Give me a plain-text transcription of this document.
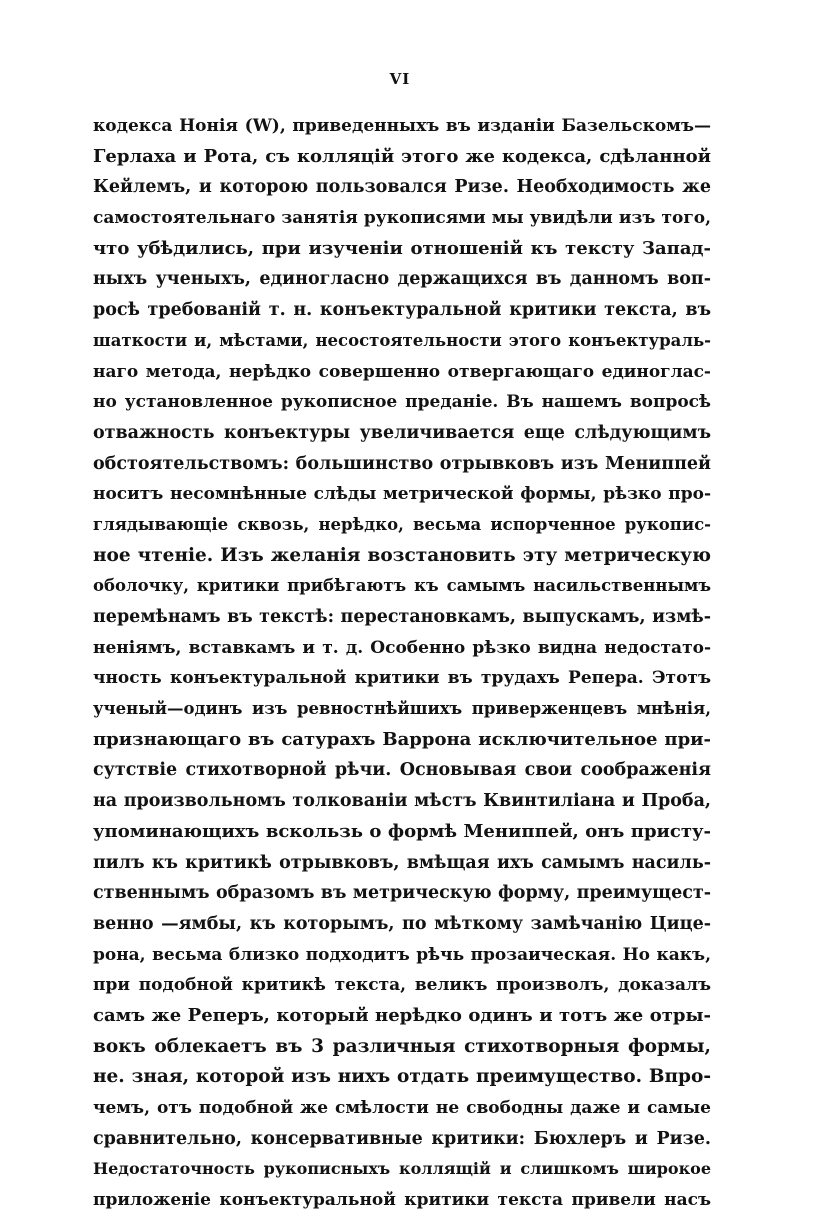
VI
кодекса Нонія (W), приведенныхъ въ изданіи Базельскомъ—
Герлаха и Рота, съ колляцій этого же кодекса, сдѣланной
Кейлемъ, и которою пользовался Ризе. Необходимость же
самостоятельнаго занятія рукописями мы увидѣли изъ того,
что убѣдились, при изученіи отношеній къ тексту Запад-
ныхъ ученыхъ, единогласно держащихся въ данномъ воп-
росѣ требованій т. н. конъектуральной критики текста, въ
шаткости и, мѣстами, несостоятельности этого конъектураль-
наго метода, нерѣдко совершенно отвергающаго единоглас-
но установленное рукописное преданіе. Въ нашемъ вопросѣ
отважность конъектуры увеличивается еще слѣдующимъ
обстоятельствомъ: большинство отрывковъ изъ Мениппей
носитъ несомнѣнные слѣды метрической формы, рѣзко про-
глядывающіе сквозь, нерѣдко, весьма испорченное рукопис-
ное чтеніе. Изъ желанія возстановить эту метрическую
оболочку, критики прибѣгаютъ къ самымъ насильственнымъ
перемѣнамъ въ текстѣ: перестановкамъ, выпускамъ, измѣ-
неніямъ, вставкамъ и т. д. Особенно рѣзко видна недостато-
чность конъектуральной критики въ трудахъ Репера. Этотъ
ученый—одинъ изъ ревностнѣйшихъ приверженцевъ мнѣнія,
признающаго въ сатурахъ Варрона исключительное при-
сутствіе стихотворной рѣчи. Основывая свои соображенія
на произвольномъ толкованіи мѣстъ Квинтиліана и Проба,
упоминающихъ вскользь о формѣ Мениппей, онъ присту-
пилъ къ критикѣ отрывковъ, вмѣщая ихъ самымъ насиль-
ственнымъ образомъ въ метрическую форму, преимущест-
венно —ямбы, къ которымъ, по мѣткому замѣчанію Цице-
рона, весьма близко подходитъ рѣчь прозаическая. Но какъ,
при подобной критикѣ текста, великъ произволъ, доказалъ
самъ же Реперъ, который нерѣдко одинъ и тотъ же отры-
вокъ облекаетъ въ 3 различныя стихотворныя формы,
не. зная, которой изъ нихъ отдать преимущество. Впро-
чемъ, отъ подобной же смѣлости не свободны даже и самые
сравнительно, консервативные критики: Бюхлеръ и Ризе.
Недостаточность рукописныхъ коллящій и слишкомъ широкое
приложеніе конъектуральной критики текста привели насъ
